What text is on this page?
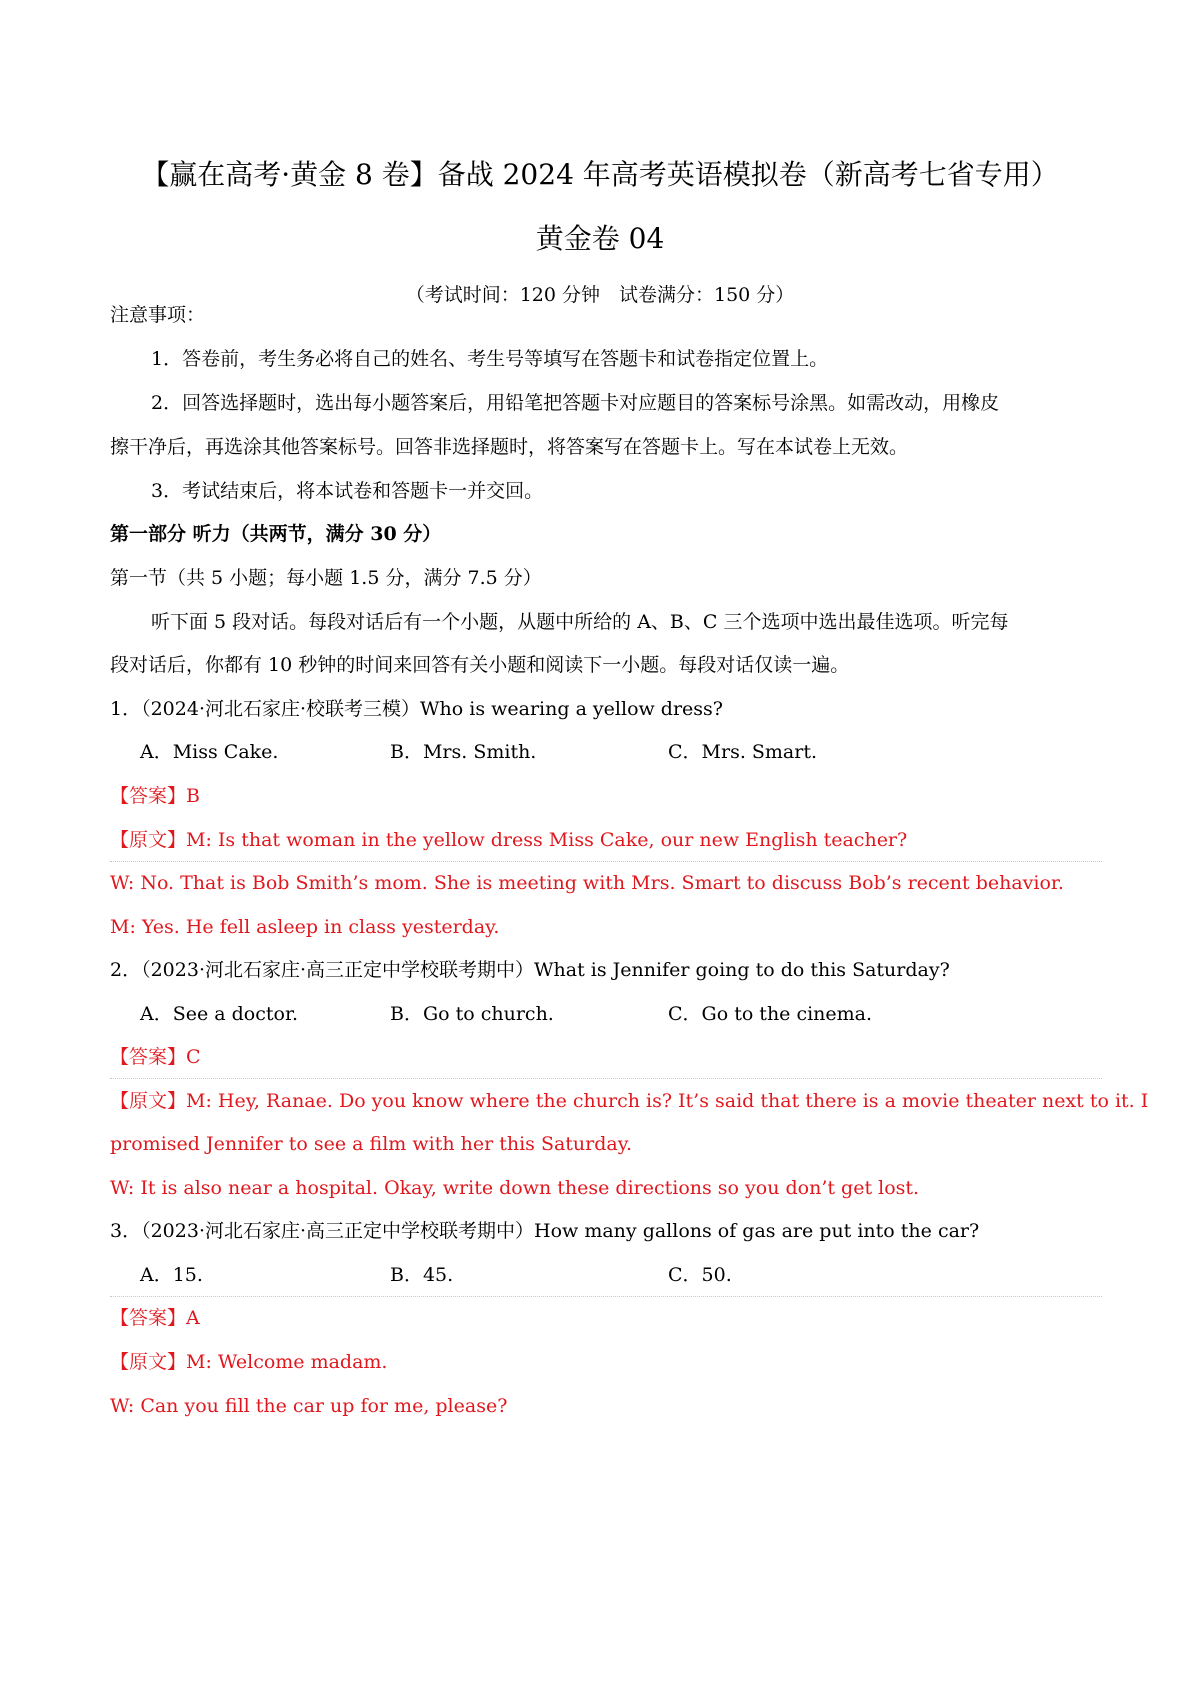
【赢在高考·黄金 8 卷】备战 2024 年高考英语模拟卷（新高考七省专用）
黄金卷 04
（考试时间：120 分钟　试卷满分：150 分）
注意事项：
1．答卷前，考生务必将自己的姓名、考生号等填写在答题卡和试卷指定位置上。
2．回答选择题时，选出每小题答案后，用铅笔把答题卡对应题目的答案标号涂黑。如需改动，用橡皮
擦干净后，再选涂其他答案标号。回答非选择题时，将答案写在答题卡上。写在本试卷上无效。
3．考试结束后，将本试卷和答题卡一并交回。
第一部分 听力（共两节，满分 30 分）
第一节（共 5 小题；每小题 1.5 分，满分 7.5 分）
听下面 5 段对话。每段对话后有一个小题，从题中所给的 A、B、C 三个选项中选出最佳选项。听完每
段对话后，你都有 10 秒钟的时间来回答有关小题和阅读下一小题。每段对话仅读一遍。
1．（2024·河北石家庄·校联考三模）Who is wearing a yellow dress?
A．Miss Cake.	B．Mrs. Smith.	C．Mrs. Smart.
【答案】B
【原文】M: Is that woman in the yellow dress Miss Cake, our new English teacher?
W: No. That is Bob Smith’s mom. She is meeting with Mrs. Smart to discuss Bob’s recent behavior.
M: Yes. He fell asleep in class yesterday.
2．（2023·河北石家庄·高三正定中学校联考期中）What is Jennifer going to do this Saturday?
A．See a doctor.	B．Go to church.	C．Go to the cinema.
【答案】C
【原文】M: Hey, Ranae. Do you know where the church is? It’s said that there is a movie theater next to it. I
promised Jennifer to see a film with her this Saturday.
W: It is also near a hospital. Okay, write down these directions so you don’t get lost.
3．（2023·河北石家庄·高三正定中学校联考期中）How many gallons of gas are put into the car?
A．15.	B．45.	C．50.
【答案】A
【原文】M: Welcome madam.
W: Can you fill the car up for me, please?
